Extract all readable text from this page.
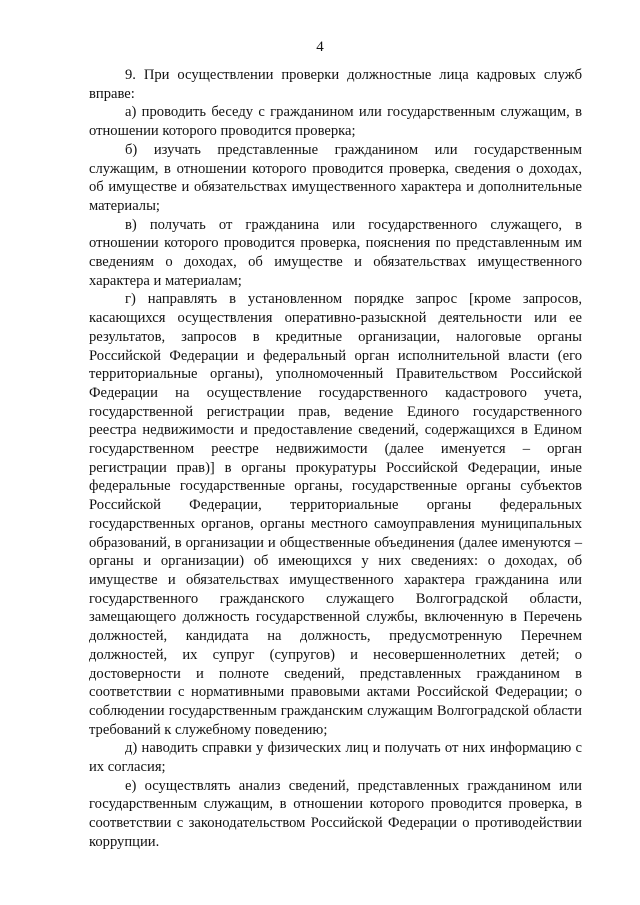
4

9. При осуществлении проверки должностные лица кадровых служб вправе:

а) проводить беседу с гражданином или государственным служащим, в отношении которого проводится проверка;

б) изучать представленные гражданином или государственным служащим, в отношении которого проводится проверка, сведения о доходах, об имуществе и обязательствах имущественного характера и дополнительные материалы;

в) получать от гражданина или государственного служащего, в отношении которого проводится проверка, пояснения по представленным им сведениям о доходах, об имуществе и обязательствах имущественного характера и материалам;

г) направлять в установленном порядке запрос [кроме запросов, касающихся осуществления оперативно-разыскной деятельности или ее результатов, запросов в кредитные организации, налоговые органы Российской Федерации и федеральный орган исполнительной власти (его территориальные органы), уполномоченный Правительством Российской Федерации на осуществление государственного кадастрового учета, государственной регистрации прав, ведение Единого государственного реестра недвижимости и предоставление сведений, содержащихся в Едином государственном реестре недвижимости (далее именуется – орган регистрации прав)] в органы прокуратуры Российской Федерации, иные федеральные государственные органы, государственные органы субъектов Российской Федерации, территориальные органы федеральных государственных органов, органы местного самоуправления муниципальных образований, в организации и общественные объединения (далее именуются – органы и организации) об имеющихся у них сведениях: о доходах, об имуществе и обязательствах имущественного характера гражданина или государственного гражданского служащего Волгоградской области, замещающего должность государственной службы, включенную в Перечень должностей, кандидата на должность, предусмотренную Перечнем должностей, их супруг (супругов) и несовершеннолетних детей; о достоверности и полноте сведений, представленных гражданином в соответствии с нормативными правовыми актами Российской Федерации; о соблюдении государственным гражданским служащим Волгоградской области требований к служебному поведению;

д) наводить справки у физических лиц и получать от них информацию с их согласия;

е) осуществлять анализ сведений, представленных гражданином или государственным служащим, в отношении которого проводится проверка, в соответствии с законодательством Российской Федерации о противодействии коррупции.
